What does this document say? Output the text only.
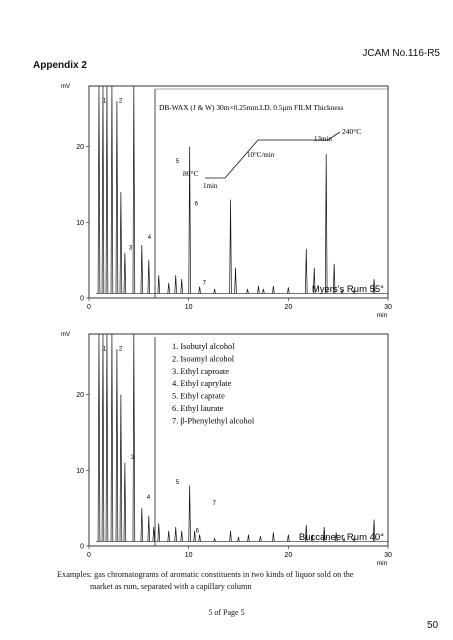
JCAM No.116-R5
Appendix 2
mV
0
10
20
0	10	20	30
min
1 2
3
4
5
6
7
Myers's Rum 55°
DB-WAX (J & W) 30m×0.25mm.I.D. 0.5μm FILM Thickness
80°C
1min
10°C/min
240°C
13min
mV
0
10
20
0	10	20	30
min
1 2
3
4
5
6
7
Buccaneer Rum 40°
1. Isobutyl alcohol
2. Isoamyl alcohol
3. Ethyl caproate
4. Ethyl caprylate
5. Ethyl caprate
6. Ethyl laurate
7. β-Phenylethyl alcohol
Examples: gas chromatograms of aromatic constituents in two kinds of liquor sold on the
market as rum, separated with a capillary column
5 of Page 5
50
